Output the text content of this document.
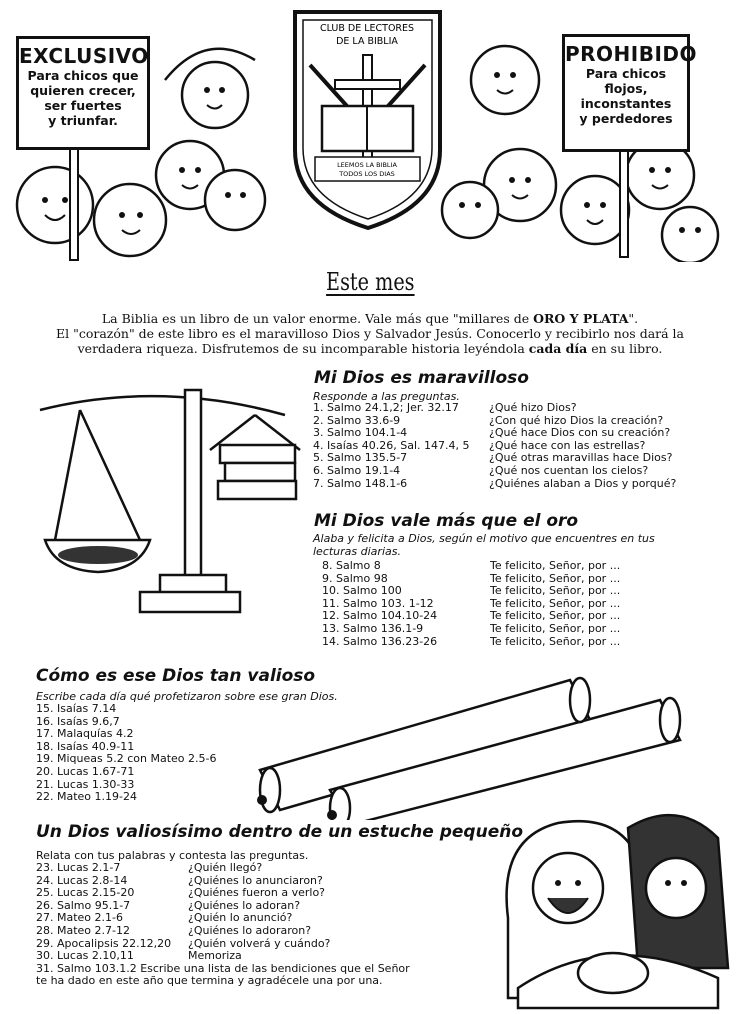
CLUB DE LECTORES
DE LA BIBLIA
LEEMOS LA BIBLIA
TODOS LOS DIAS
EXCLUSIVO
Para chicos que
quieren crecer,
ser fuertes
y triunfar.
PROHIBIDO
Para chicos
flojos,
inconstantes
y perdedores
Este mes
La Biblia es un libro de un valor enorme. Vale más que "millares de ORO Y PLATA".
El "corazón" de este libro es el maravilloso Dios y Salvador Jesús. Conocerlo y recibirlo nos dará la
verdadera riqueza. Disfrutemos de su incomparable historia leyéndola cada día en su libro.
Mi Dios es maravilloso
Responde a las preguntas.
1. Salmo 24.1,2; Jer. 32.17	¿Qué hizo Dios?
2. Salmo 33.6-9	¿Con qué hizo Dios la creación?
3. Salmo 104.1-4	¿Qué hace Dios con su creación?
4. Isaías 40.26, Sal. 147.4, 5	¿Qué hace con las estrellas?
5. Salmo 135.5-7	¿Qué otras maravillas hace Dios?
6. Salmo 19.1-4	¿Qué nos cuentan los cielos?
7. Salmo 148.1-6	¿Quiénes alaban a Dios y porqué?
Mi Dios vale más que el oro
Alaba y felicita a Dios, según el motivo que encuentres en tus
lecturas diarias.
8. Salmo 8	Te felicito, Señor, por ...
9. Salmo 98	Te felicito, Señor, por ...
10. Salmo 100	Te felicito, Señor, por ...
11. Salmo 103. 1-12	Te felicito, Señor, por ...
12. Salmo 104.10-24	Te felicito, Señor, por ...
13. Salmo 136.1-9	Te felicito, Señor, por ...
14. Salmo 136.23-26	Te felicito, Señor, por ...
Cómo es ese Dios tan valioso
Escribe cada día qué profetizaron sobre ese gran Dios.
15. Isaías 7.14
16. Isaías 9.6,7
17. Malaquías 4.2
18. Isaías 40.9-11
19. Miqueas 5.2 con Mateo 2.5-6
20. Lucas 1.67-71
21. Lucas 1.30-33
22. Mateo 1.19-24
Un Dios valiosísimo dentro de un estuche pequeño
Relata con tus palabras y contesta las preguntas.
23. Lucas 2.1-7	¿Quién llegó?
24. Lucas 2.8-14	¿Quiénes lo anunciaron?
25. Lucas 2.15-20	¿Quiénes fueron a verlo?
26. Salmo 95.1-7	¿Quiénes lo adoran?
27. Mateo 2.1-6	¿Quién lo anunció?
28. Mateo 2.7-12	¿Quiénes lo adoraron?
29. Apocalipsis 22.12,20	¿Quién volverá y cuándo?
30. Lucas 2.10,11	Memoriza
31. Salmo 103.1.2 Escribe una lista de las bendiciones que el Señor
te ha dado en este año que termina y agradécele una por una.
